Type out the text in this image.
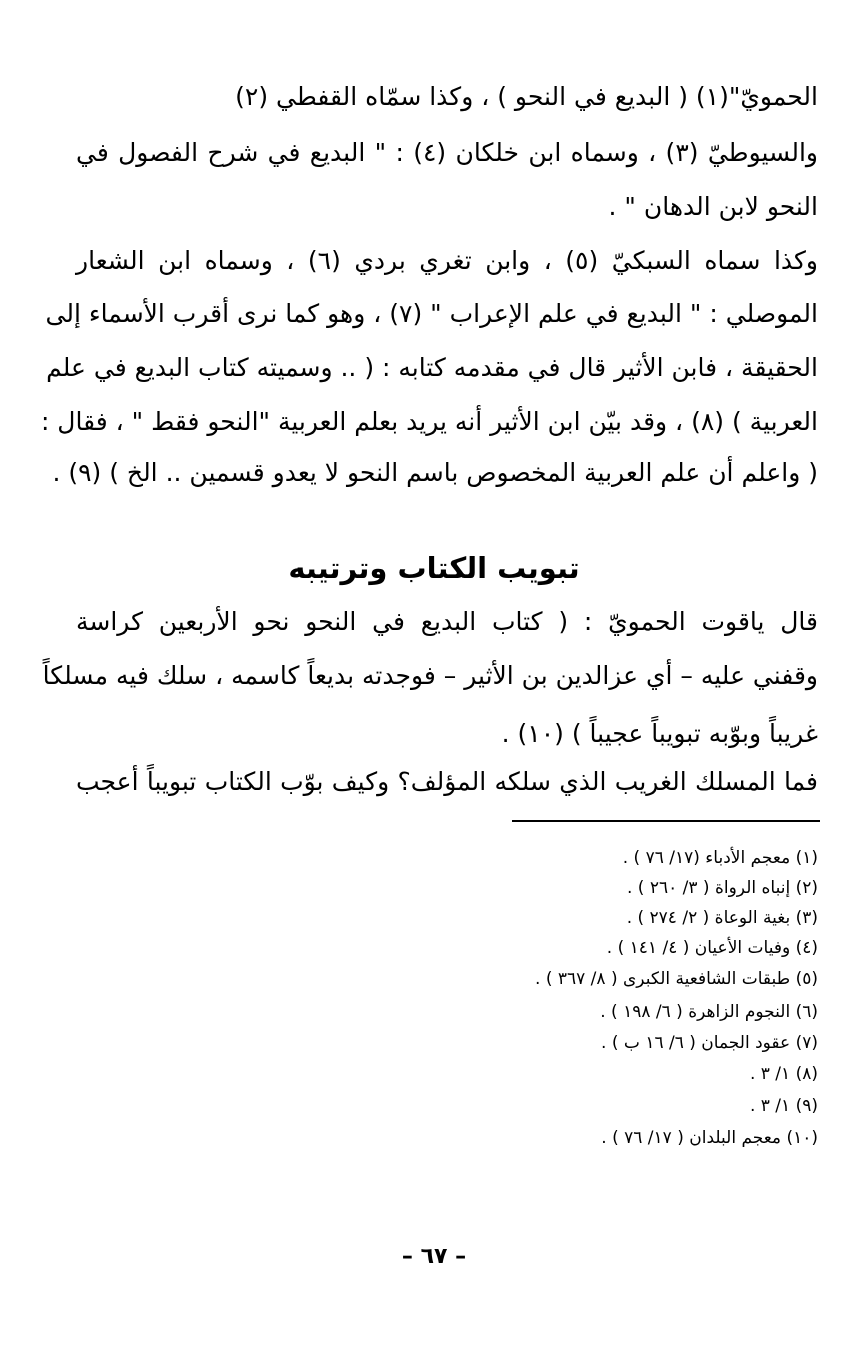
الحمويّ"(١) ( البديع في النحو ) ، وكذا سمّاه القفطي (٢)
والسيوطيّ (٣) ، وسماه ابن خلكان (٤) : " البديع في شرح الفصول في
النحو لابن الدهان " .
وكذا سماه السبكيّ (٥) ، وابن تغري بردي (٦) ، وسماه ابن الشعار
الموصلي : " البديع في علم الإعراب " (٧) ، وهو كما نرى أقرب الأسماء إلى
الحقيقة ، فابن الأثير قال في مقدمه كتابه : ( .. وسميته كتاب البديع في علم
العربية ) (٨) ، وقد بيّن ابن الأثير أنه يريد بعلم العربية "النحو فقط " ، فقال :
( واعلم أن علم العربية المخصوص باسم النحو لا يعدو قسمين .. الخ ) (٩) .
تبويب الكتاب وترتيبه
قال ياقوت الحمويّ : ( كتاب البديع في النحو نحو الأربعين كراسة
وقفني عليه – أي عزالدين بن الأثير – فوجدته بديعاً كاسمه ، سلك فيه مسلكاً
غريباً وبوّبه تبويباً عجيباً ) (١٠) .
فما المسلك الغريب الذي سلكه المؤلف؟ وكيف بوّب الكتاب تبويباً أعجب
(١) معجم الأدباء (١٧/ ٧٦ ) .
(٢) إنباه الرواة ( ٣/ ٢٦٠ ) .
(٣) بغية الوعاة ( ٢/ ٢٧٤ ) .
(٤) وفيات الأعيان ( ٤/ ١٤١ ) .
(٥) طبقات الشافعية الكبرى ( ٨/ ٣٦٧ ) .
(٦) النجوم الزاهرة ( ٦/ ١٩٨ ) .
(٧) عقود الجمان ( ٦/ ١٦ ب ) .
(٨) ١/ ٣ .
(٩) ١/ ٣ .
(١٠) معجم البلدان ( ١٧/ ٧٦ ) .
– ٦٧ –
